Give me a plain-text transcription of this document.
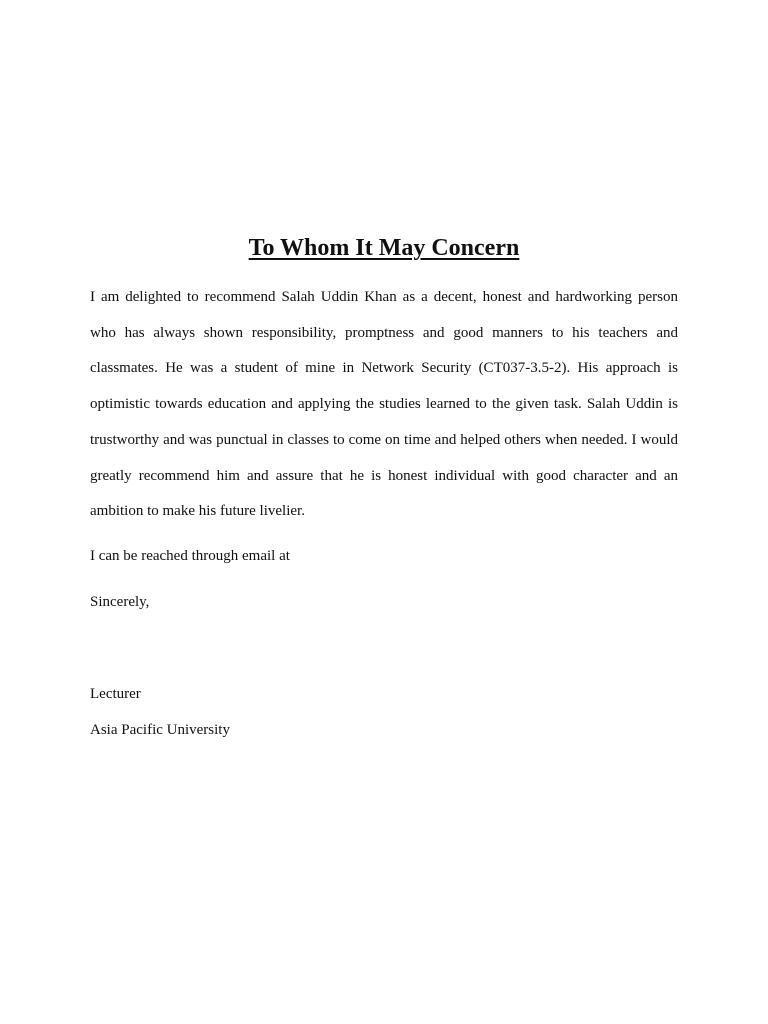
To Whom It May Concern

I am delighted to recommend Salah Uddin Khan as a decent, honest and hardworking person
who has always shown responsibility, promptness and good manners to his teachers and
classmates. He was a student of mine in Network Security (CT037-3.5-2). His approach is
optimistic towards education and applying the studies learned to the given task. Salah Uddin is
trustworthy and was punctual in classes to come on time and helped others when needed. I would
greatly recommend him and assure that he is honest individual with good character and an
ambition to make his future livelier.

I can be reached through email at

Sincerely,

Lecturer

Asia Pacific University
